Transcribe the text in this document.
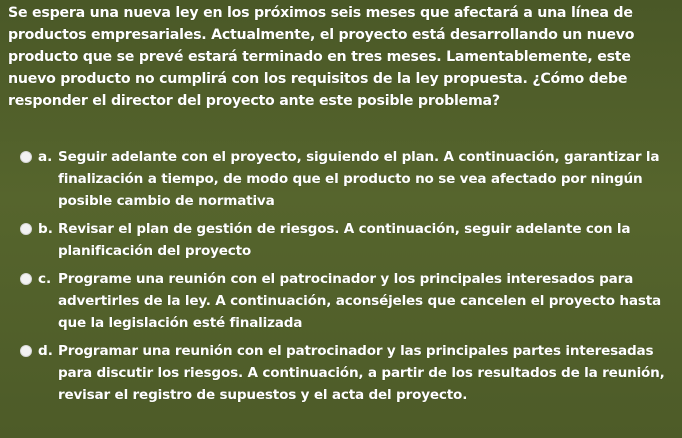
Se espera una nueva ley en los próximos seis meses que afectará a una línea de productos empresariales. Actualmente, el proyecto está desarrollando un nuevo producto que se prevé estará terminado en tres meses. Lamentablemente, este nuevo producto no cumplirá con los requisitos de la ley propuesta. ¿Cómo debe responder el director del proyecto ante este posible problema?
a. Seguir adelante con el proyecto, siguiendo el plan. A continuación, garantizar la finalización a tiempo, de modo que el producto no se vea afectado por ningún posible cambio de normativa
b. Revisar el plan de gestión de riesgos. A continuación, seguir adelante con la planificación del proyecto
c. Programe una reunión con el patrocinador y los principales interesados para advertirles de la ley. A continuación, aconséjeles que cancelen el proyecto hasta que la legislación esté finalizada
d. Programar una reunión con el patrocinador y las principales partes interesadas para discutir los riesgos. A continuación, a partir de los resultados de la reunión, revisar el registro de supuestos y el acta del proyecto.
